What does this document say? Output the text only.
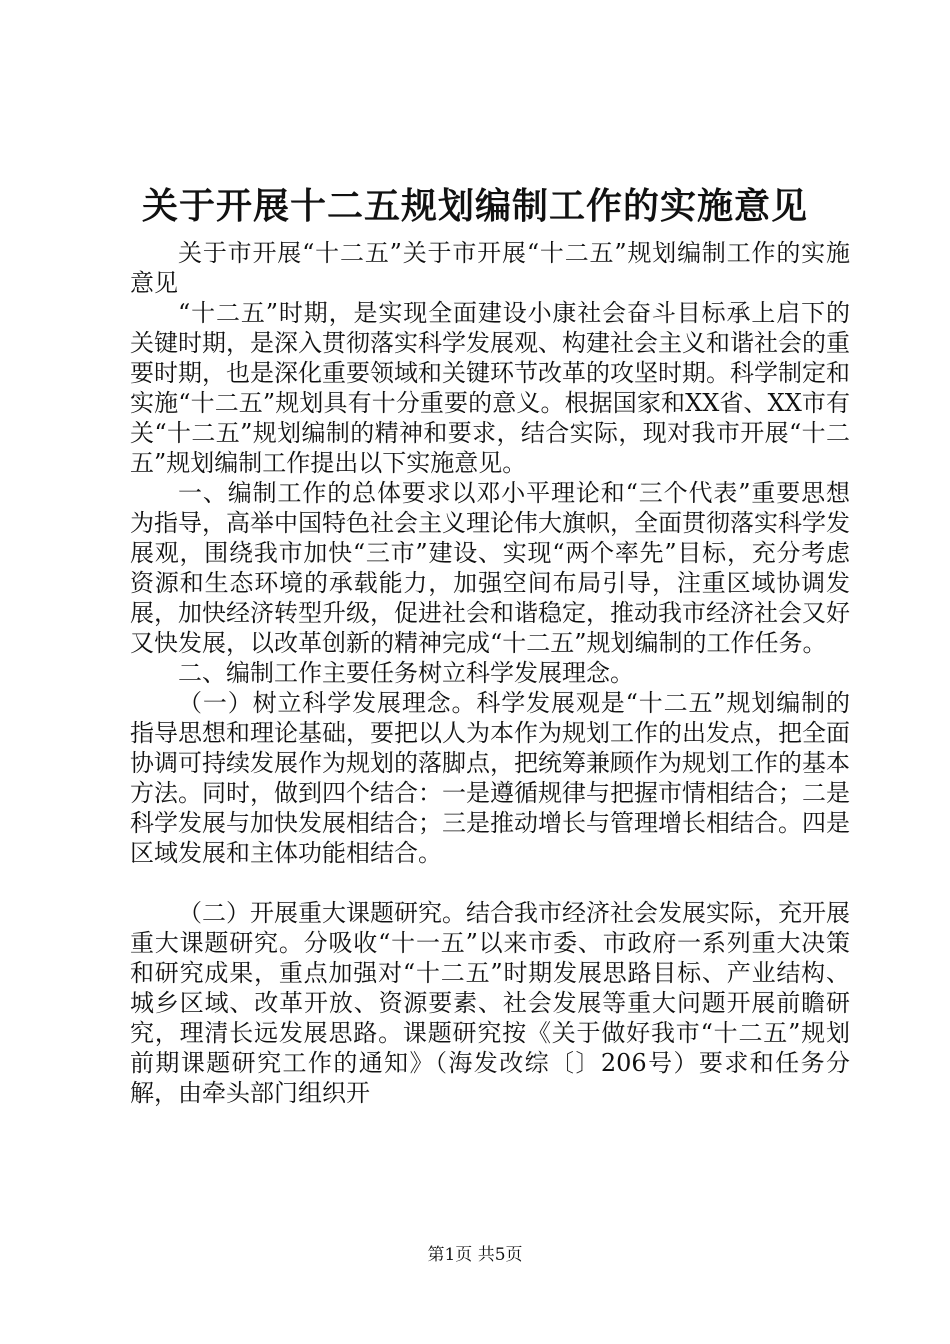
关于开展十二五规划编制工作的实施意见

关于市开展“十二五”关于市开展“十二五”规划编制工作的实施意见

“十二五”时期，是实现全面建设小康社会奋斗目标承上启下的关键时期，是深入贯彻落实科学发展观、构建社会主义和谐社会的重要时期，也是深化重要领域和关键环节改革的攻坚时期。科学制定和实施“十二五”规划具有十分重要的意义。根据国家和XX省、XX市有关“十二五”规划编制的精神和要求，结合实际，现对我市开展“十二五”规划编制工作提出以下实施意见。

一、编制工作的总体要求以邓小平理论和“三个代表”重要思想为指导，高举中国特色社会主义理论伟大旗帜，全面贯彻落实科学发展观，围绕我市加快“三市”建设、实现“两个率先”目标，充分考虑资源和生态环境的承载能力，加强空间布局引导，注重区域协调发展，加快经济转型升级，促进社会和谐稳定，推动我市经济社会又好又快发展，以改革创新的精神完成“十二五”规划编制的工作任务。

二、编制工作主要任务树立科学发展理念。

（一）树立科学发展理念。科学发展观是“十二五”规划编制的指导思想和理论基础，要把以人为本作为规划工作的出发点，把全面协调可持续发展作为规划的落脚点，把统筹兼顾作为规划工作的基本方法。同时，做到四个结合：一是遵循规律与把握市情相结合；二是科学发展与加快发展相结合；三是推动增长与管理增长相结合。四是区域发展和主体功能相结合。

（二）开展重大课题研究。结合我市经济社会发展实际，充开展重大课题研究。分吸收“十一五”以来市委、市政府一系列重大决策和研究成果，重点加强对“十二五”时期发展思路目标、产业结构、城乡区域、改革开放、资源要素、社会发展等重大问题开展前瞻研究，理清长远发展思路。课题研究按《关于做好我市“十二五”规划前期课题研究工作的通知》（海发改综〔〕206号）要求和任务分解，由牵头部门组织开

第1页 共5页
